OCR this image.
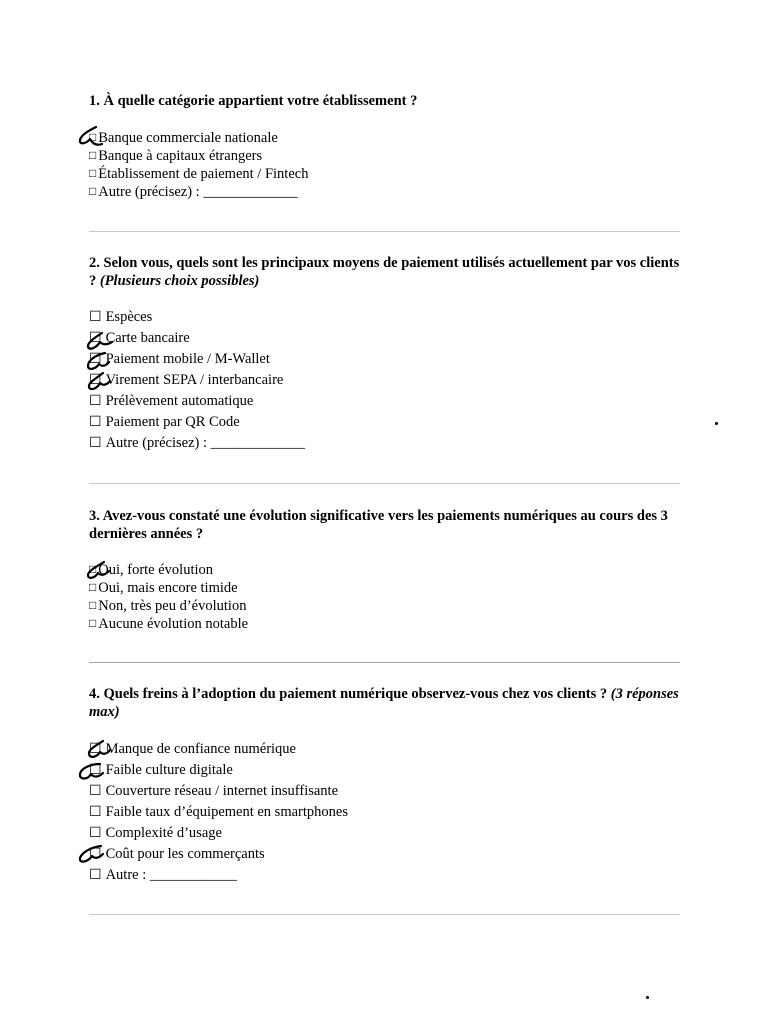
1. À quelle catégorie appartient votre établissement ?

□ Banque commerciale nationale
□ Banque à capitaux étrangers
□ Établissement de paiement / Fintech
□ Autre (précisez) : _____________

2. Selon vous, quels sont les principaux moyens de paiement utilisés actuellement par vos clients ? (Plusieurs choix possibles)

☐ Espèces
☐ Carte bancaire
☐ Paiement mobile / M-Wallet
☐ Virement SEPA / interbancaire
☐ Prélèvement automatique
☐ Paiement par QR Code
☐ Autre (précisez) : _____________

3. Avez-vous constaté une évolution significative vers les paiements numériques au cours des 3 dernières années ?

□ Oui, forte évolution
□ Oui, mais encore timide
□ Non, très peu d’évolution
□ Aucune évolution notable

4. Quels freins à l’adoption du paiement numérique observez-vous chez vos clients ? (3 réponses max)

☐ Manque de confiance numérique
☐ Faible culture digitale
☐ Couverture réseau / internet insuffisante
☐ Faible taux d’équipement en smartphones
☐ Complexité d’usage
☐ Coût pour les commerçants
☐ Autre : ____________
